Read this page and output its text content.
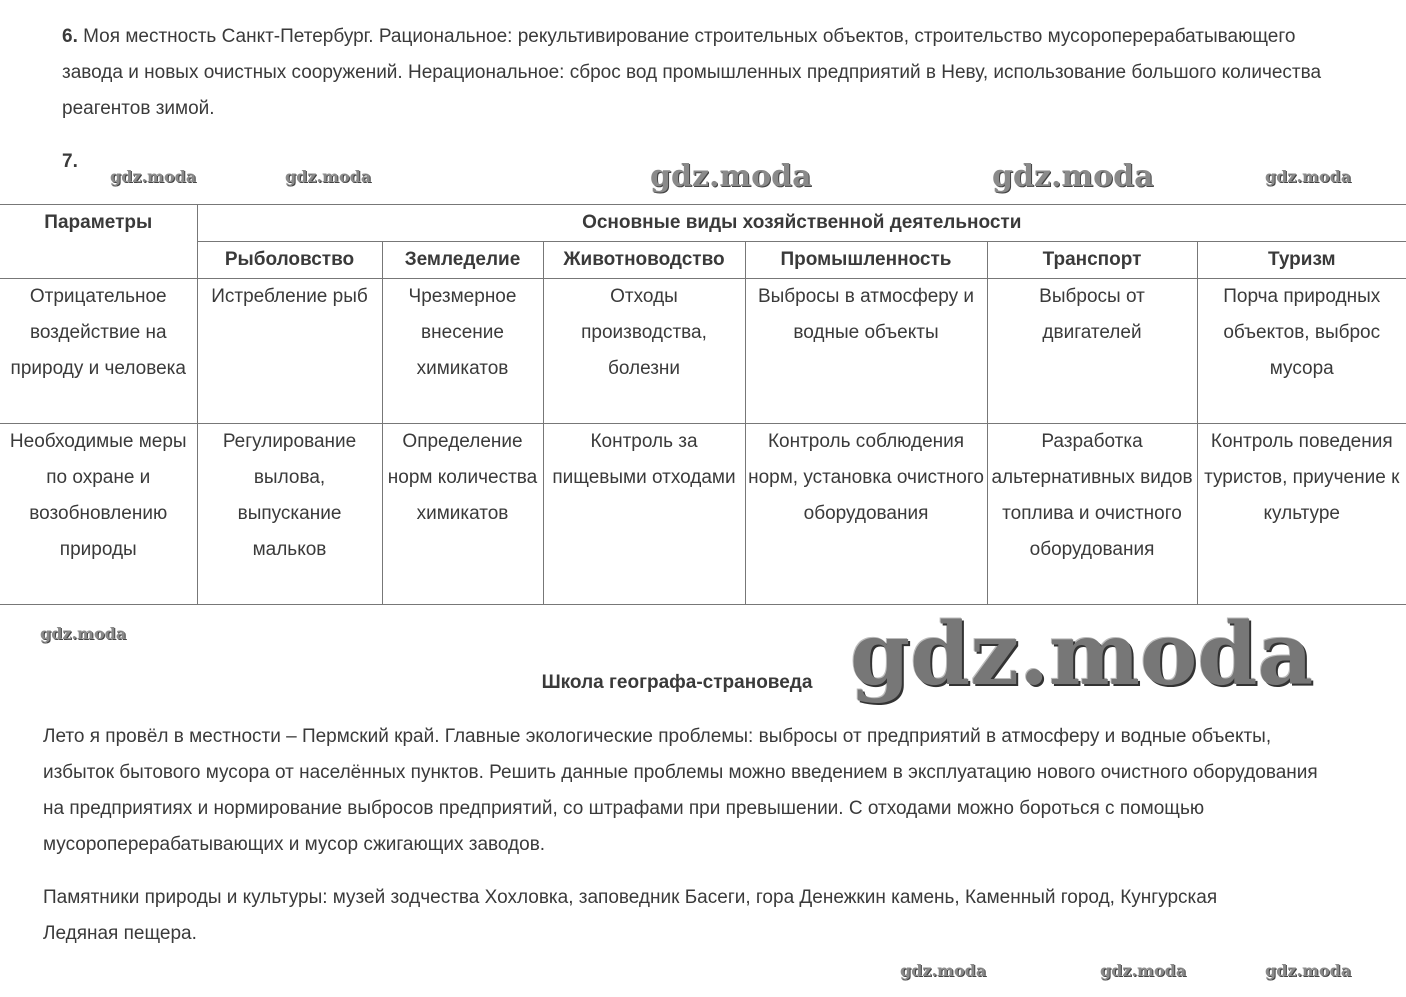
6. Моя местность Санкт-Петербург. Рациональное: рекультивирование строительных объектов, строительство мусороперерабатывающего завода и новых очистных сооружений. Нерациональное: сброс вод промышленных предприятий в Неву, использование большого количества реагентов зимой.

7.

Параметры	Основные виды хозяйственной деятельности					
	Рыболовство	Земледелие	Животноводство	Промышленность	Транспорт	Туризм
Отрицательное воздействие на природу и человека	Истребление рыб	Чрезмерное внесение химикатов	Отходы производства, болезни	Выбросы в атмосферу и водные объекты	Выбросы от двигателей	Порча природных объектов, выброс мусора
Необходимые меры по охране и возобновлению природы	Регулирование вылова, выпускание мальков	Определение норм количества химикатов	Контроль за пищевыми отходами	Контроль соблюдения норм, установка очистного оборудования	Разработка альтернативных видов топлива и очистного оборудования	Контроль поведения туристов, приучение к культуре

Школа географа-страноведа

Лето я провёл в местности – Пермский край. Главные экологические проблемы: выбросы от предприятий в атмосферу и водные объекты, избыток бытового мусора от населённых пунктов. Решить данные проблемы можно введением в эксплуатацию нового очистного оборудования на предприятиях и нормирование выбросов предприятий, со штрафами при превышении. С отходами можно бороться с помощью мусороперерабатывающих и мусор сжигающих заводов.

Памятники природы и культуры: музей зодчества Хохловка, заповедник Басеги, гора Денежкин камень, Каменный город, Кунгурская Ледяная пещера.

gdz.moda	gdz.moda	gdz.moda	gdz.moda	gdz.moda
gdz.moda
gdz.moda
gdz.moda	gdz.moda	gdz.moda
